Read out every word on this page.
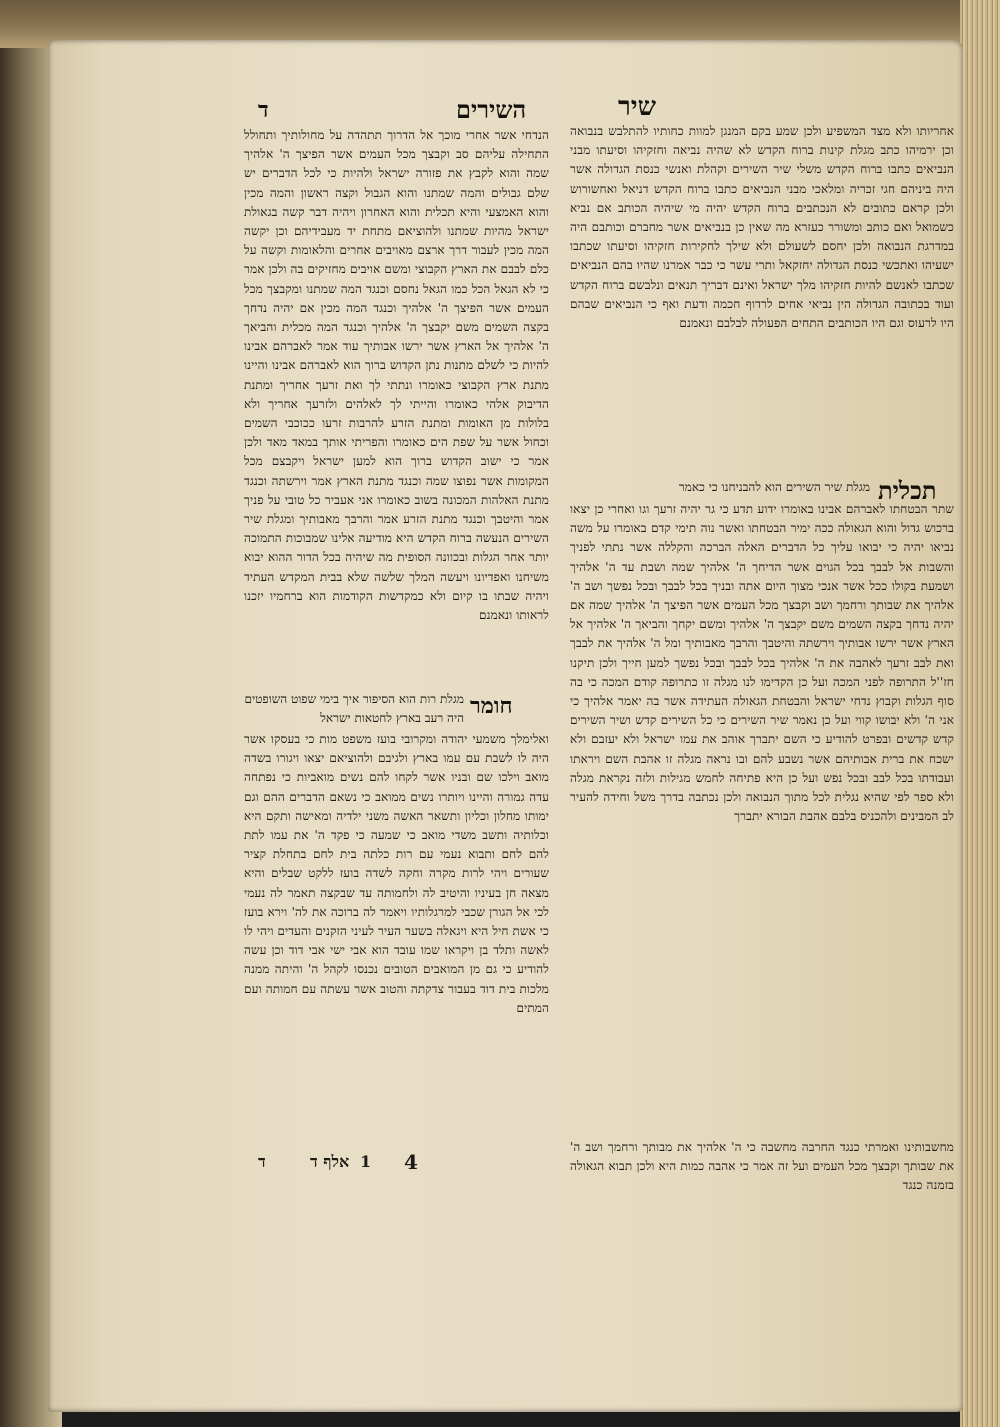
שיר
השירים
ד

אחריותו ולא מצד המשפיע ולכן שמע בקם המנגן למוות כחותיו להתלבש בנבואה וכן ירמיהו כתב מגלת קינות ברוח הקדש לא שהיה נביאה וחזקיהו וסיעתו מבני הנביאים כתבו ברוח הקדש משלי שיר השירים וקהלת ואנשי כנסת הגדולה אשר היה ביניהם חגי זכריה ומלאכי מבני הנביאים כתבו ברוח הקדש דניאל ואחשורוש ולכן קראם כתובים לא הנכתבים ברוח הקדש יהיה מי שיהיה הכותב אם נביא כשמואל ואם כותב ומשורר כעזרא מה שאין כן בנביאים אשר מחברם וכותבם היה במדרגת הנבואה ולכן יחסם לשעולם ולא שילך לחקירות חזקיהו וסיעתו שכתבו ישעיהו ואתכשי כנסת הגדולה יחזקאל ותרי עשר כי כבר אמרנו שהיו בהם הנביאים שכתבו לאנשם להיות חזקיהו מלך ישראל ואינם דבריך תנאים ונלבשם ברוח הקדש ועוד בכתובה הגדולה הין נביאי אחים לרדוף חכמה ודעת ואף כי הנביאים שבהם היו לרעוס וגם היו הכותבים התחים הפעולה לבלבם ונאמנם

תכלית
מגלת שיר השירים הוא להבניחנו כי כאמר

שתר הבטחתו לאברהם אבינו באומרו ידוע תדע כי גר יהיה זרעך וגו ואחרי כן יצאו ברכוש גדול והוא הגאולה ככה ימיר הבטחתו ואשר נוה תימי קדם באומרו על משה נביאו יהיה כי יבואו עליך כל הדברים האלה הברכה והקללה אשר נתתי לפניך והשבות אל לבבך בכל הגוים אשר הדיחך ה' אלהיך שמה ושבת עד ה' אלהיך ושמעת בקולו ככל אשר אנכי מצוך היום אתה ובניך בכל לבבך ובכל נפשך ושב ה' אלהיך את שבותך ורחמך ושב וקבצך מכל העמים אשר הפיצך ה' אלהיך שמה אם יהיה נדחך בקצה השמים משם יקבצך ה' אלהיך ומשם יקחך והביאך ה' אלהיך אל הארץ אשר ירשו אבותיך וירשתה והיטבך והרבך מאבותיך ומל ה' אלהיך את לבבך ואת לבב זרעך לאהבה את ה' אלהיך בכל לבבך ובכל נפשך למען חייך ולכן תיקנו חז''ל התרופה לפני המכה ועל כן הקדימו לנו מגלה זו כתרופה קודם המכה כי בה סוף הגלות וקבוץ נדחי ישראל והבטחת הגאולה העתידה אשר בה יאמר אלהיך כי אני ה' ולא יבושו קווי ועל כן נאמר שיר השירים כי כל השירים קדש ושיר השירים קדש קדשים ובפרט להודיע כי השם יתברך אוהב את עמו ישראל ולא יעזבם ולא ישכח את ברית אבותיהם אשר נשבע להם ובו נראה מגלה זו אהבת השם ויראתו ועבודתו בכל לבב ובכל נפש ועל כן היא פתיחה לחמש מגילות ולזה נקראת מגלה ולא ספר לפי שהיא נגלית לכל מתוך הנבואה ולכן נכתבה בדרך משל וחידה להעיר לב המבינים ולהכניס בלבם אהבת הבורא יתברך

מחשבותינו ואמרתי כנגד החרבה מחשבה כי ה' אלהיך את מבותך ורחמך ושב ה' את שבותך וקבצך מכל העמים ועל זה אמר כי אהבה כמות היא ולכן תבוא הגאולה בזמנה כנגד

הנדחי אשר אחרי מוכך אל הדרוך תתהדה על מחולותיך ותחולל התחילה עליהם סב וקבצך מכל העמים אשר הפיצך ה' אלהיך שמה והוא לקבץ את פזורה ישראל ולהיות כי לכל הדברים יש שלם גבולים והמה שמתנו והוא הגבול וקצה ראשון והמה מכין והוא האמצעי והיא תכלית והוא האחרון ויהיה דבר קשה בגאולת ישראל מהיות שמתנו ולהוציאם מתחת יד מעבידיהם וכן יקשה המה מכין לעבור דרך ארצם מאויבים אחרים והלאומות וקשה על כלם לבבם את הארץ הקבוצי ומשם אויבים מחזיקים בה ולכן אמר כי לא הגאל הכל כמו הגאל נחסם וכנגד המה שמתנו ומקבצך מכל העמים אשר הפיצך ה' אלהיך וכנגד המה מכין אם יהיה נדחך בקצה השמים משם יקבצך ה' אלהיך וכנגד המה מכלית והביאך ה' אלהיך אל הארץ אשר ירשו אבותיך עוד אמר לאברהם אבינו להיות כי לשלם מתנות נתן הקדוש ברוך הוא לאברהם אבינו והיינו מתנת ארץ הקבוצי כאומרו ונתתי לך ואת זרעך אחריך ומתנת הדיבוק אלהי כאומרו והייתי לך לאלהים ולזרעך אחריך ולא בלולות מן האומות ומתנת הזרע להרבות זרעו ככוכבי השמים וכחול אשר על שפת הים כאומרו והפריתי אותך במאד מאד ולכן אמר כי ישוב הקדוש ברוך הוא למען ישראל ויקבצם מכל המקומות אשר נפוצו שמה וכנגד מתנת הארץ אמר וירשתה וכנגד מתנת האלהות המכונה בשוב כאומרו אני אעביר כל טובי על פניך אמר והיטבך וכנגד מתנת הזרע אמר והרבך מאבותיך ומגלת שיר השירים הנעשה ברוח הקדש היא מודיעה אלינו שמבוכות התמוכה יותר אחר הגלות ובכוונה הסופית מה שיהיה בכל הדור ההוא יבוא משיחנו ואפדיונו ויעשה המלך שלשה שלא בבית המקדש העתיד ויהיה שבתו בו קיום ולא כמקדשות הקודמות הוא ברחמיו יזכנו לראותו ונאמנם

חומר
מגלת רות הוא הסיפור איך בימי שפוט השופטים היה רעב בארץ לחטאות ישראל

ואלימלך משמעי יהודה ומקרובי בועז משפט מות כי בעסקו אשר היה לו לשבת עם עמו בארץ ולגיבם ולהוציאם יצאו ויגורו בשדה מואב וילכו שם ובניו אשר לקחו להם נשים מואביות כי נפתחה עדה גמורה והיינו ויותרו נשים ממואב כי נשאם הדברים ההם וגם ימותו מחלון וכליון ותשאר האשה משני ילדיה ומאישה ותקם היא וכלותיה ותשב משדי מואב כי שמעה כי פקד ה' את עמו לתת להם לחם ותבוא נעמי עם רות כלתה בית לחם בתחלת קציר שעורים ויהי לרות מקרה וחקה לשדה בועז ללקט שבלים והיא מצאה חן בעיניו והיטיב לה ולחמותה עד שבקצה תאמר לה נעמי לכי אל הגורן שכבי למרגלותיו ויאמר לה ברוכה את לה' וירא בועז כי אשת חיל היא ויגאלה בשער העיר לעיני הזקנים והעדים ויהי לו לאשה ותלד בן ויקראו שמו עובד הוא אבי ישי אבי דוד וכן עשה להודיע כי גם מן המואבים הטובים נכנסו לקהל ה' והיתה ממנה מלכות בית דוד בעבור צדקתה והטוב אשר עשתה עם חמותה ועם המתים

ד	אלף ד 1 4
